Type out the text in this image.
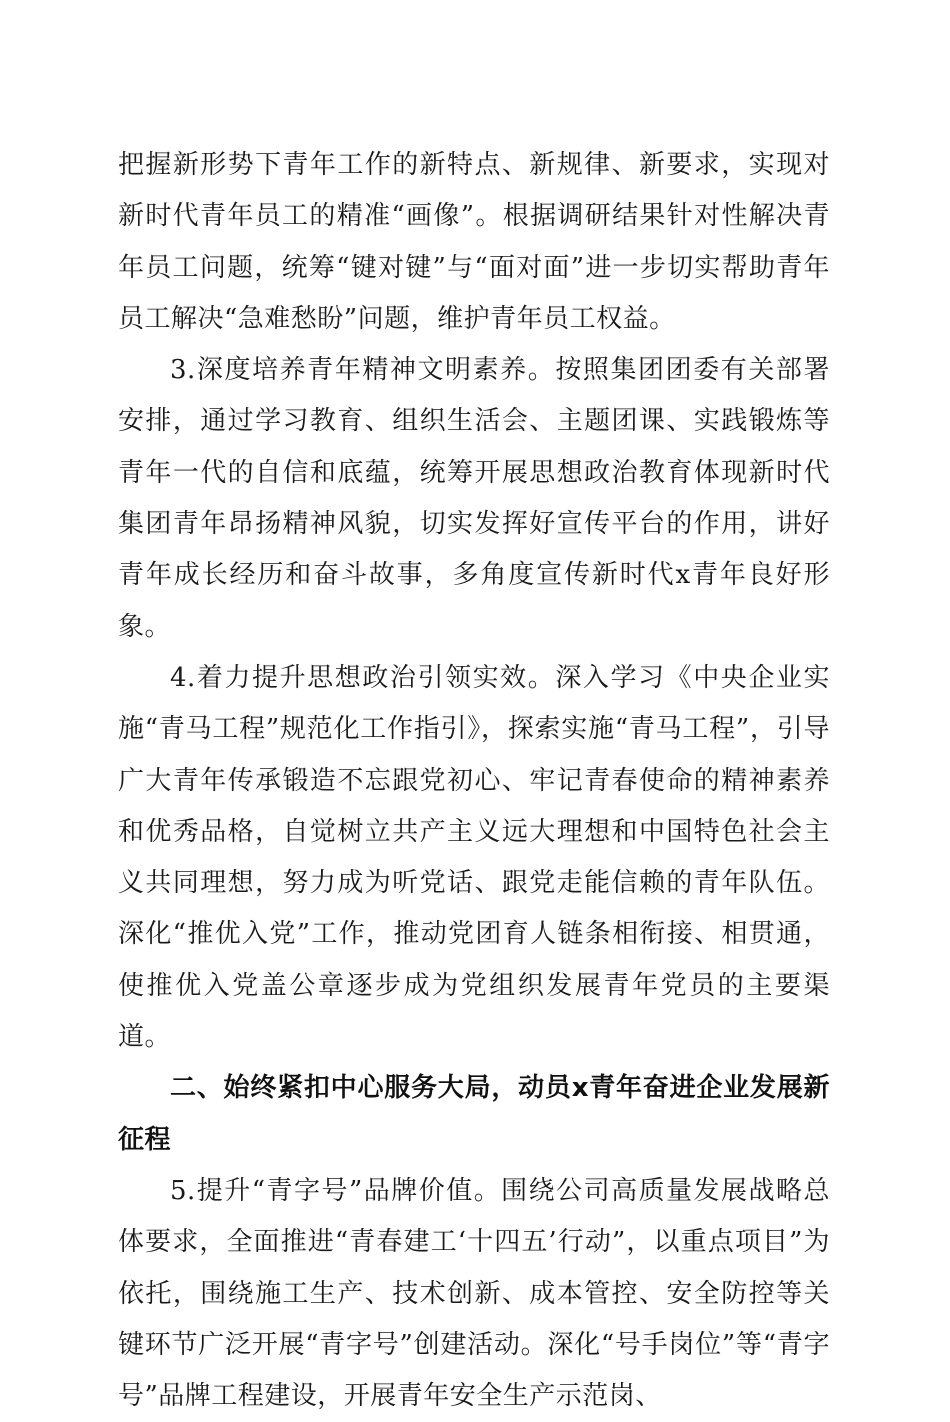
把握新形势下青年工作的新特点、新规律、新要求，实现对新时代青年员工的精准“画像”。根据调研结果针对性解决青年员工问题，统筹“键对键”与“面对面”进一步切实帮助青年员工解决“急难愁盼”问题，维护青年员工权益。

3.深度培养青年精神文明素养。按照集团团委有关部署安排，通过学习教育、组织生活会、主题团课、实践锻炼等青年一代的自信和底蕴，统筹开展思想政治教育体现新时代集团青年昂扬精神风貌，切实发挥好宣传平台的作用，讲好青年成长经历和奋斗故事，多角度宣传新时代x青年良好形象。

4.着力提升思想政治引领实效。深入学习《中央企业实施“青马工程”规范化工作指引》，探索实施“青马工程”，引导广大青年传承锻造不忘跟党初心、牢记青春使命的精神素养和优秀品格，自觉树立共产主义远大理想和中国特色社会主义共同理想，努力成为听党话、跟党走能信赖的青年队伍。深化“推优入党”工作，推动党团育人链条相衔接、相贯通，使推优入党盖公章逐步成为党组织发展青年党员的主要渠道。

二、始终紧扣中心服务大局，动员x青年奋进企业发展新征程

5.提升“青字号”品牌价值。围绕公司高质量发展战略总体要求，全面推进“青春建工‘十四五’行动”，以重点项目”为依托，围绕施工生产、技术创新、成本管控、安全防控等关键环节广泛开展“青字号”创建活动。深化“号手岗位”等“青字号”品牌工程建设，开展青年安全生产示范岗、
